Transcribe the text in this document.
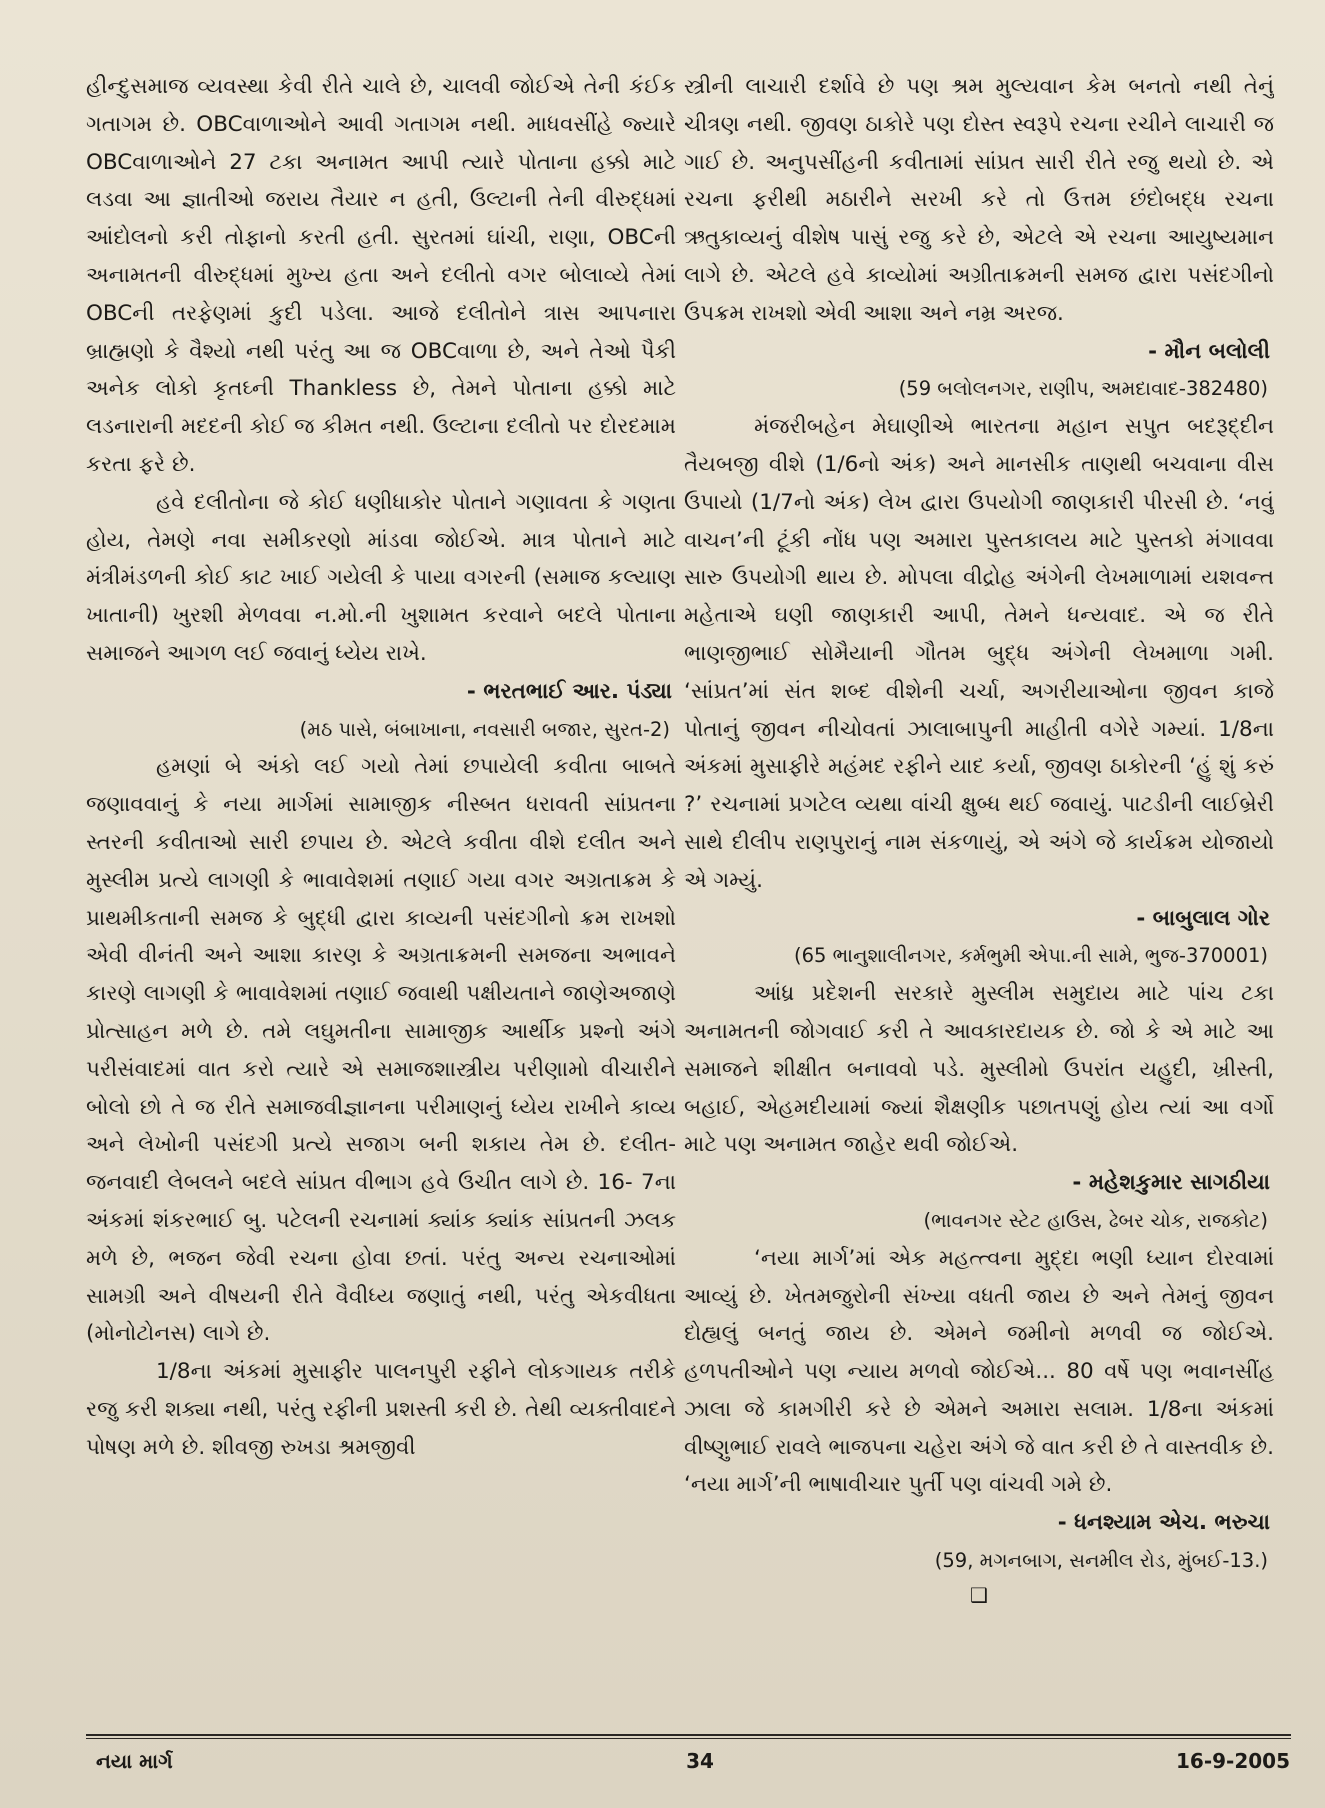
હીન્દુસમાજ વ્યવસ્થા કેવી રીતે ચાલે છે, ચાલવી જોઈએ તેની કંઈક ગતાગમ છે. OBCવાળાઓને આવી ગતાગમ નથી. માધવસીંહે જ્યારે OBCવાળાઓને 27 ટકા અનામત આપી ત્યારે પોતાના હક્કો માટે લડવા આ જ્ઞાતીઓ જરાય તૈયાર ન હતી, ઉલ્ટાની તેની વીરુદ્ધમાં આંદોલનો કરી તોફાનો કરતી હતી. સુરતમાં ઘાંચી, રાણા, OBCની અનામતની વીરુદ્ધમાં મુખ્ય હતા અને દલીતો વગર બોલાવ્યે તેમાં OBCની તરફેણમાં કુદી પડેલા. આજે દલીતોને ત્રાસ આપનારા બ્રાહ્મણો કે વૈશ્યો નથી પરંતુ આ જ OBCવાળા છે, અને તેઓ પૈકી અનેક લોકો કૃતઘ્ની Thankless છે, તેમને પોતાના હક્કો માટે લડનારાની મદદની કોઈ જ કીમત નથી. ઉલ્ટાના દલીતો પર દોરદમામ કરતા ફરે છે.

હવે દલીતોના જે કોઈ ધણીધાકોર પોતાને ગણાવતા કે ગણતા હોય, તેમણે નવા સમીકરણો માંડવા જોઈએ. માત્ર પોતાને માટે મંત્રીમંડળની કોઈ કાટ ખાઈ ગયેલી કે પાયા વગરની (સમાજ કલ્યાણ ખાતાની) ખુરશી મેળવવા ન.મો.ની ખુશામત કરવાને બદલે પોતાના સમાજને આગળ લઈ જવાનું ધ્યેય રાખે.

- ભરતભાઈ આર. પંડ્યા

(મઠ પાસે, બંબાખાના, નવસારી બજાર, સુરત-2)

હમણાં બે અંકો લઈ ગયો તેમાં છપાયેલી કવીતા બાબતે જણાવવાનું કે નયા માર્ગમાં સામાજીક નીસ્બત ધરાવતી સાંપ્રતના સ્તરની કવીતાઓ સારી છપાય છે. એટલે કવીતા વીશે દલીત અને મુસ્લીમ પ્રત્યે લાગણી કે ભાવાવેશમાં તણાઈ ગયા વગર અગ્રતાક્રમ કે પ્રાથમીકતાની સમજ કે બુદ્ધી દ્વારા કાવ્યની પસંદગીનો ક્રમ રાખશો એવી વીનંતી અને આશા કારણ કે અગ્રતાક્રમની સમજના અભાવને કારણે લાગણી કે ભાવાવેશમાં તણાઈ જવાથી પક્ષીયતાને જાણેઅજાણે પ્રોત્સાહન મળે છે. તમે લઘુમતીના સામાજીક આર્થીક પ્રશ્નો અંગે પરીસંવાદમાં વાત કરો ત્યારે એ સમાજશાસ્ત્રીય પરીણામો વીચારીને બોલો છો તે જ રીતે સમાજવીજ્ઞાનના પરીમાણનું ધ્યેય રાખીને કાવ્ય અને લેખોની પસંદગી પ્રત્યે સજાગ બની શકાય તેમ છે. દલીત-જનવાદી લેબલને બદલે સાંપ્રત વીભાગ હવે ઉચીત લાગે છે. 16- 7ના અંકમાં શંકરભાઈ બુ. પટેલની રચનામાં ક્યાંક ક્યાંક સાંપ્રતની ઝલક મળે છે, ભજન જેવી રચના હોવા છતાં. પરંતુ અન્ય રચનાઓમાં સામગ્રી અને વીષયની રીતે વૈવીધ્ય જણાતું નથી, પરંતુ એકવીધતા (મોનોટોનસ) લાગે છે.

1/8ના અંકમાં મુસાફીર પાલનપુરી રફીને લોકગાયક તરીકે રજુ કરી શક્યા નથી, પરંતુ રફીની પ્રશસ્તી કરી છે. તેથી વ્યક્તીવાદને પોષણ મળે છે. શીવજી રુખડા શ્રમજીવી

સ્ત્રીની લાચારી દર્શાવે છે પણ શ્રમ મુલ્યવાન કેમ બનતો નથી તેનું ચીત્રણ નથી. જીવણ ઠાકોરે પણ દોસ્ત સ્વરૂપે રચના રચીને લાચારી જ ગાઈ છે. અનુપસીંહની કવીતામાં સાંપ્રત સારી રીતે રજુ થયો છે. એ રચના ફરીથી મઠારીને સરખી કરે તો ઉત્તમ છંદોબદ્ધ રચના ઋતુકાવ્યનું વીશેષ પાસું રજુ કરે છે, એટલે એ રચના આયુષ્યમાન લાગે છે. એટલે હવે કાવ્યોમાં અગ્રીતાક્રમની સમજ દ્વારા પસંદગીનો ઉપક્રમ રાખશો એવી આશા અને નમ્ર અરજ.

- મૌન બલોલી

(59 બલોલનગર, રાણીપ, અમદાવાદ-382480)

મંજરીબહેન મેઘાણીએ ભારતના મહાન સપુત બદરૂદ્દીન તૈયબજી વીશે (1/6નો અંક) અને માનસીક તાણથી બચવાના વીસ ઉપાયો (1/7નો અંક) લેખ દ્વારા ઉપયોગી જાણકારી પીરસી છે. ‘નવું વાચન’ની ટૂંકી નોંધ પણ અમારા પુસ્તકાલય માટે પુસ્તકો મંગાવવા સારુ ઉપયોગી થાય છે. મોપલા વીદ્રોહ અંગેની લેખમાળામાં યશવન્ત મહેતાએ ઘણી જાણકારી આપી, તેમને ધન્યવાદ. એ જ રીતે ભાણજીભાઈ સોમૈયાની ગૌતમ બુદ્ધ અંગેની લેખમાળા ગમી. ‘સાંપ્રત’માં સંત શબ્દ વીશેની ચર્ચા, અગરીયાઓના જીવન કાજે પોતાનું જીવન નીચોવતાં ઝાલાબાપુની માહીતી વગેરે ગમ્યાં. 1/8ના અંકમાં મુસાફીરે મહંમદ રફીને યાદ કર્યા, જીવણ ઠાકોરની ‘હું શું કરું ?’ રચનામાં પ્રગટેલ વ્યથા વાંચી ક્ષુબ્ધ થઈ જવાયું. પાટડીની લાઈબ્રેરી સાથે દીલીપ રાણપુરાનું નામ સંકળાયું, એ અંગે જે કાર્યક્રમ યોજાયો એ ગમ્યું.

- બાબુલાલ ગોર

(65 ભાનુશાલીનગર, કર્મભુમી એપા.ની સામે, ભુજ-370001)

આંધ્ર પ્રદેશની સરકારે મુસ્લીમ સમુદાય માટે પાંચ ટકા અનામતની જોગવાઈ કરી તે આવકારદાયક છે. જો કે એ માટે આ સમાજને શીક્ષીત બનાવવો પડે. મુસ્લીમો ઉપરાંત યહુદી, ખ્રીસ્તી, બહાઈ, એહમદીયામાં જ્યાં શૈક્ષણીક પછાતપણું હોય ત્યાં આ વર્ગો માટે પણ અનામત જાહેર થવી જોઈએ.

- મહેશકુમાર સાગઠીયા

(ભાવનગર સ્ટેટ હાઉસ, ઢેબર ચોક, રાજકોટ)

‘નયા માર્ગ’માં એક મહત્ત્વના મુદ્દા ભણી ધ્યાન દોરવામાં આવ્યું છે. ખેતમજુરોની સંખ્યા વધતી જાય છે અને તેમનું જીવન દોહ્યલું બનતું જાય છે. એમને જમીનો મળવી જ જોઈએ. હળપતીઓને પણ ન્યાય મળવો જોઈએ... 80 વર્ષે પણ ભવાનસીંહ ઝાલા જે કામગીરી કરે છે એમને અમારા સલામ. 1/8ના અંકમાં વીષ્ણુભાઈ રાવલે ભાજપના ચહેરા અંગે જે વાત કરી છે તે વાસ્તવીક છે. ‘નયા માર્ગ’ની ભાષાવીચાર પુર્તી પણ વાંચવી ગમે છે.

- ધનશ્યામ એચ. ભરુચા

(59, મગનબાગ, સનમીલ રોડ, મુંબઈ-13.)

❑

નયા માર્ગ	34	16-9-2005
